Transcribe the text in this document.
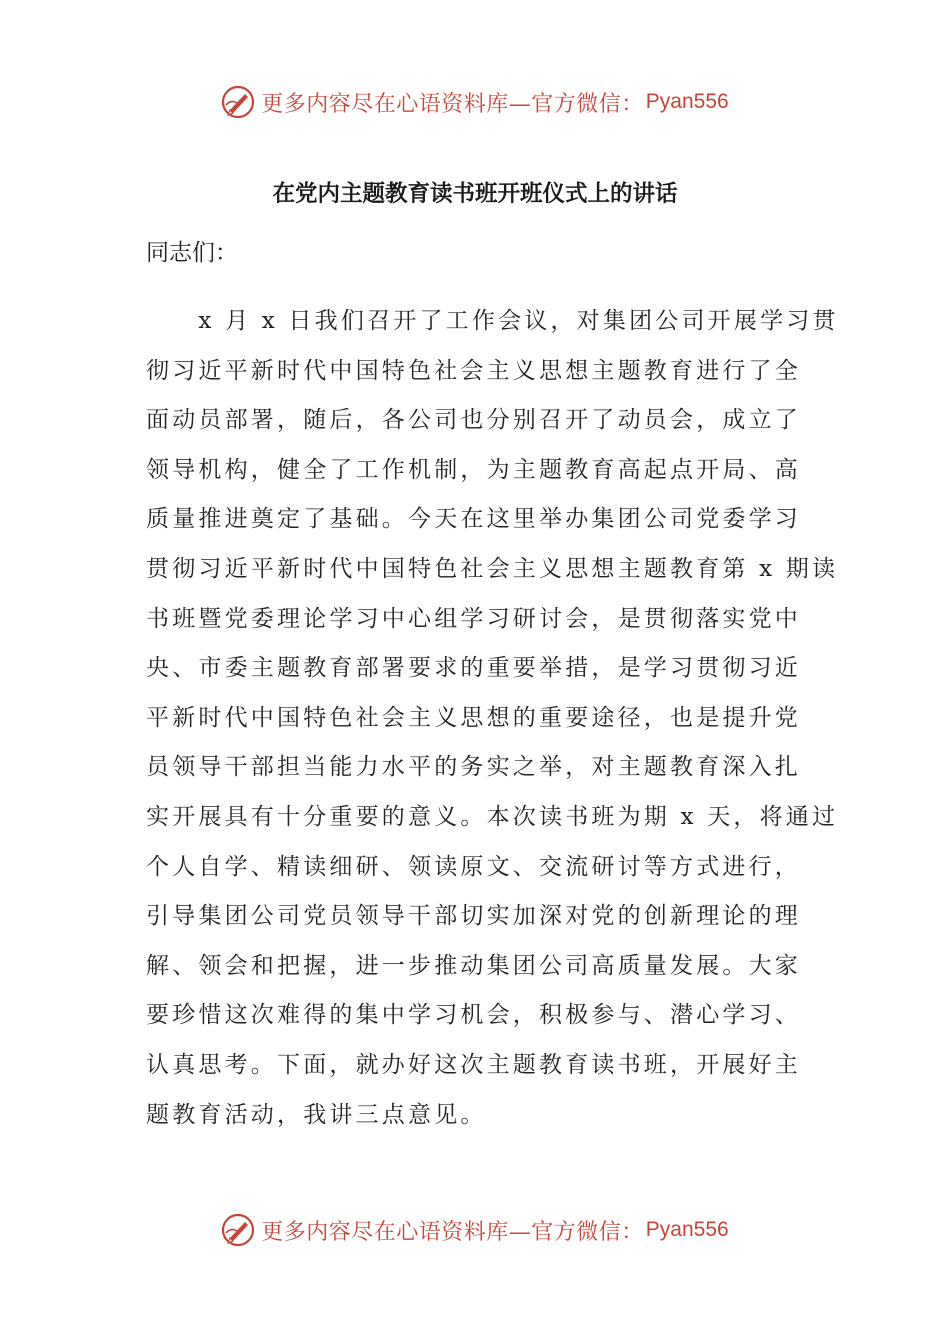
更多内容尽在心语资料库—官方微信： Pyan556
在党内主题教育读书班开班仪式上的讲话

同志们：

　　x 月 x 日我们召开了工作会议，对集团公司开展学习贯
彻习近平新时代中国特色社会主义思想主题教育进行了全
面动员部署，随后，各公司也分别召开了动员会，成立了
领导机构，健全了工作机制，为主题教育高起点开局、高
质量推进奠定了基础。今天在这里举办集团公司党委学习
贯彻习近平新时代中国特色社会主义思想主题教育第 x 期读
书班暨党委理论学习中心组学习研讨会，是贯彻落实党中
央、市委主题教育部署要求的重要举措，是学习贯彻习近
平新时代中国特色社会主义思想的重要途径，也是提升党
员领导干部担当能力水平的务实之举，对主题教育深入扎
实开展具有十分重要的意义。本次读书班为期 x 天，将通过
个人自学、精读细研、领读原文、交流研讨等方式进行，
引导集团公司党员领导干部切实加深对党的创新理论的理
解、领会和把握，进一步推动集团公司高质量发展。大家
要珍惜这次难得的集中学习机会，积极参与、潜心学习、
认真思考。下面，就办好这次主题教育读书班，开展好主
题教育活动，我讲三点意见。
更多内容尽在心语资料库—官方微信： Pyan556
